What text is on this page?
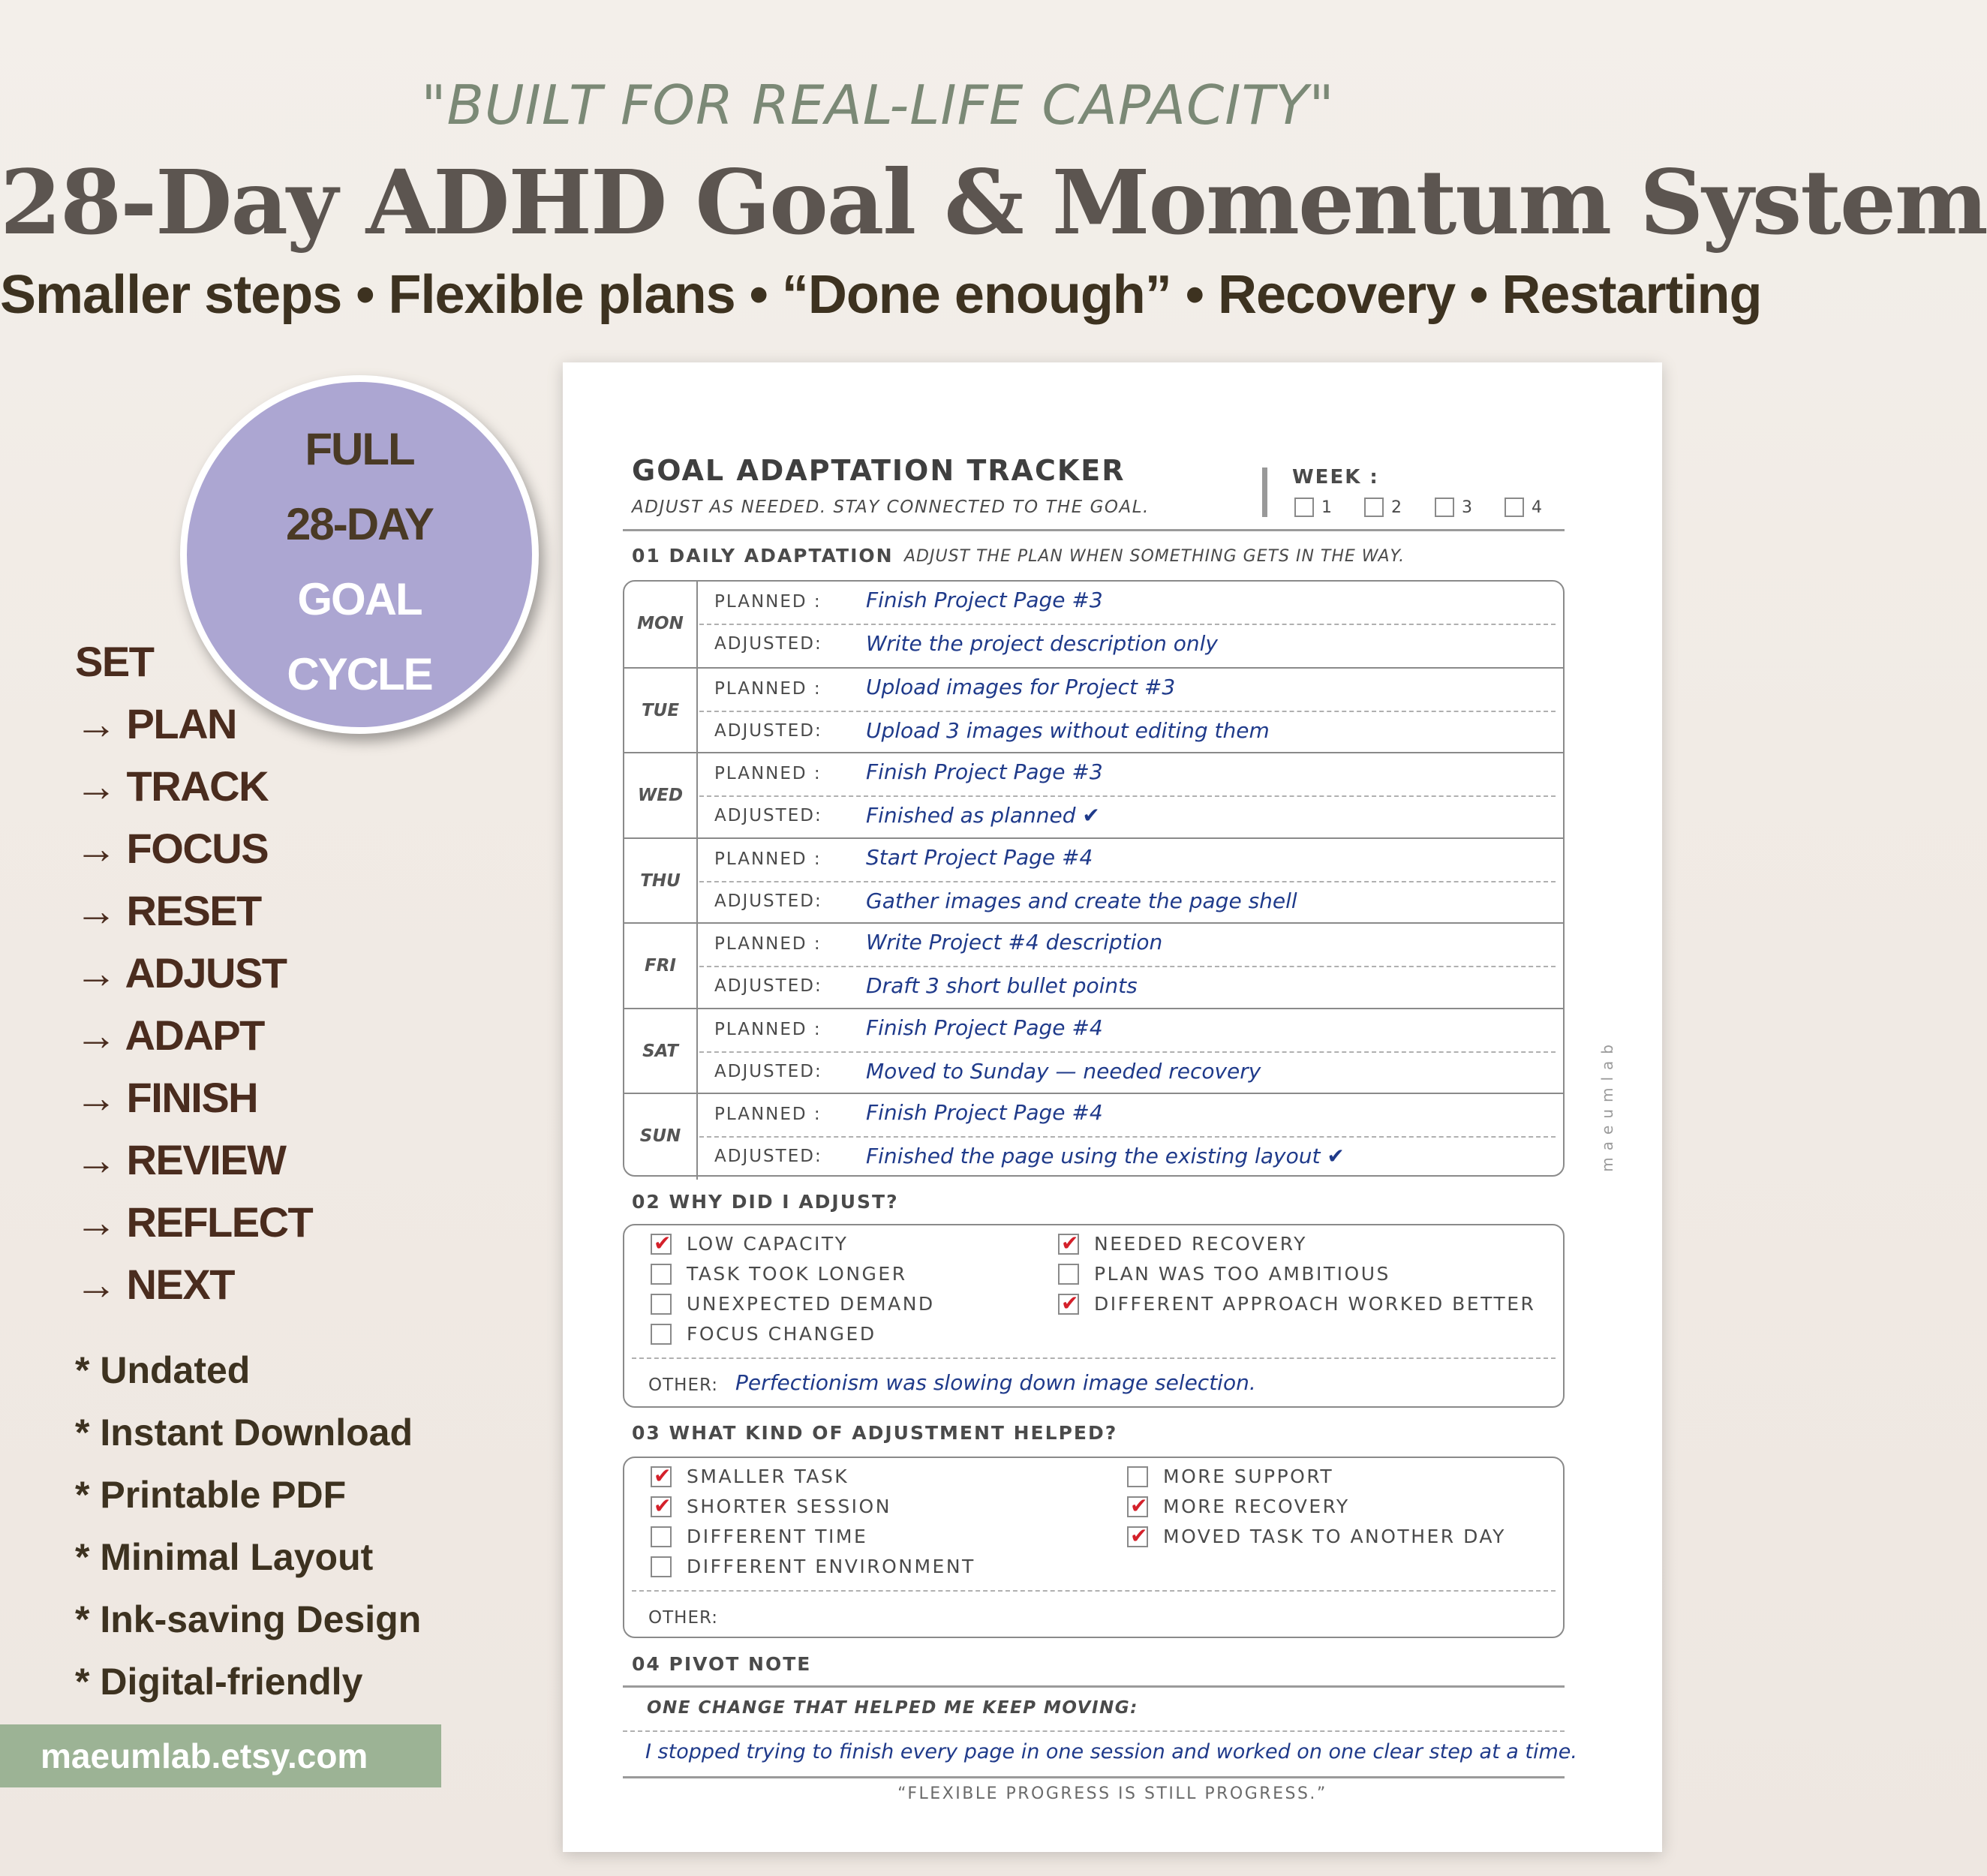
"BUILT FOR REAL-LIFE CAPACITY"
28-Day ADHD Goal & Momentum System
Smaller steps • Flexible plans • “Done enough” • Recovery • Restarting
FULL
28-DAY
GOAL
CYCLE
SET
→ PLAN
→ TRACK
→ FOCUS
→ RESET
→ ADJUST
→ ADAPT
→ FINISH
→ REVIEW
→ REFLECT
→ NEXT
* Undated
* Instant Download
* Printable PDF
* Minimal Layout
* Ink-saving Design
* Digital-friendly
maeumlab.etsy.com
GOAL ADAPTATION TRACKER
ADJUST AS NEEDED. STAY CONNECTED TO THE GOAL.
WEEK :
1	2	3	4
01 DAILY ADAPTATION ADJUST THE PLAN WHEN SOMETHING GETS IN THE WAY.
MON
PLANNED : Finish Project Page #3
ADJUSTED: Write the project description only
TUE
PLANNED : Upload images for Project #3
ADJUSTED: Upload 3 images without editing them
WED
PLANNED : Finish Project Page #3
ADJUSTED: Finished as planned ✔
THU
PLANNED : Start Project Page #4
ADJUSTED: Gather images and create the page shell
FRI
PLANNED : Write Project #4 description
ADJUSTED: Draft 3 short bullet points
SAT
PLANNED : Finish Project Page #4
ADJUSTED: Moved to Sunday — needed recovery
SUN
PLANNED : Finish Project Page #4
ADJUSTED: Finished the page using the existing layout ✔	maeumlab
02 WHY DID I ADJUST?
✔
LOW CAPACITY
TASK TOOK LONGER
UNEXPECTED DEMAND
FOCUS CHANGED
✔
NEEDED RECOVERY
PLAN WAS TOO AMBITIOUS
✔
DIFFERENT APPROACH WORKED BETTER
OTHER: Perfectionism was slowing down image selection.
03 WHAT KIND OF ADJUSTMENT HELPED?
✔
SMALLER TASK
✔
SHORTER SESSION
DIFFERENT TIME
DIFFERENT ENVIRONMENT
MORE SUPPORT
✔
MORE RECOVERY
✔
MOVED TASK TO ANOTHER DAY
OTHER:
04 PIVOT NOTE
ONE CHANGE THAT HELPED ME KEEP MOVING:
I stopped trying to finish every page in one session and worked on one clear step at a time.
“FLEXIBLE PROGRESS IS STILL PROGRESS.”
